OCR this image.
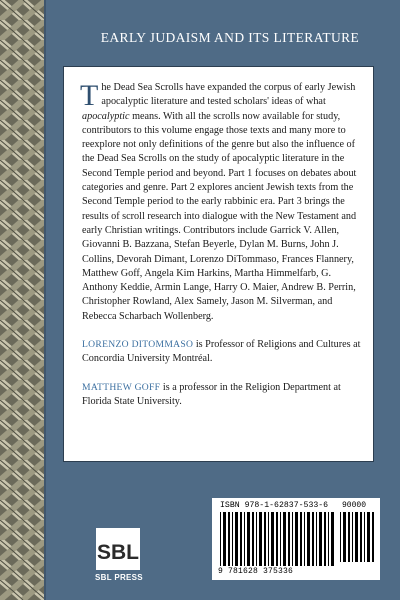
EARLY JUDAISM AND ITS LITERATURE

The Dead Sea Scrolls have expanded the corpus of early Jewish apocalyptic literature and tested scholars' ideas of what apocalyptic means. With all the scrolls now available for study, contributors to this volume engage those texts and many more to reexplore not only definitions of the genre but also the influence of the Dead Sea Scrolls on the study of apocalyptic literature in the Second Temple period and beyond. Part 1 focuses on debates about categories and genre. Part 2 explores ancient Jewish texts from the Second Temple period to the early rabbinic era. Part 3 brings the results of scroll research into dialogue with the New Testament and early Christian writings. Contributors include Garrick V. Allen, Giovanni B. Bazzana, Stefan Beyerle, Dylan M. Burns, John J. Collins, Devorah Dimant, Lorenzo DiTommaso, Frances Flannery, Matthew Goff, Angela Kim Harkins, Martha Himmelfarb, G. Anthony Keddie, Armin Lange, Harry O. Maier, Andrew B. Perrin, Christopher Rowland, Alex Samely, Jason M. Silverman, and Rebecca Scharbach Wollenberg.

LORENZO DITOMMASO is Professor of Religions and Cultures at Concordia University Montréal.

MATTHEW GOFF is a professor in the Religion Department at Florida State University.

SBL
SBL PRESS
ISBN 978-1-62837-533-6 90000
9 781628 375336
